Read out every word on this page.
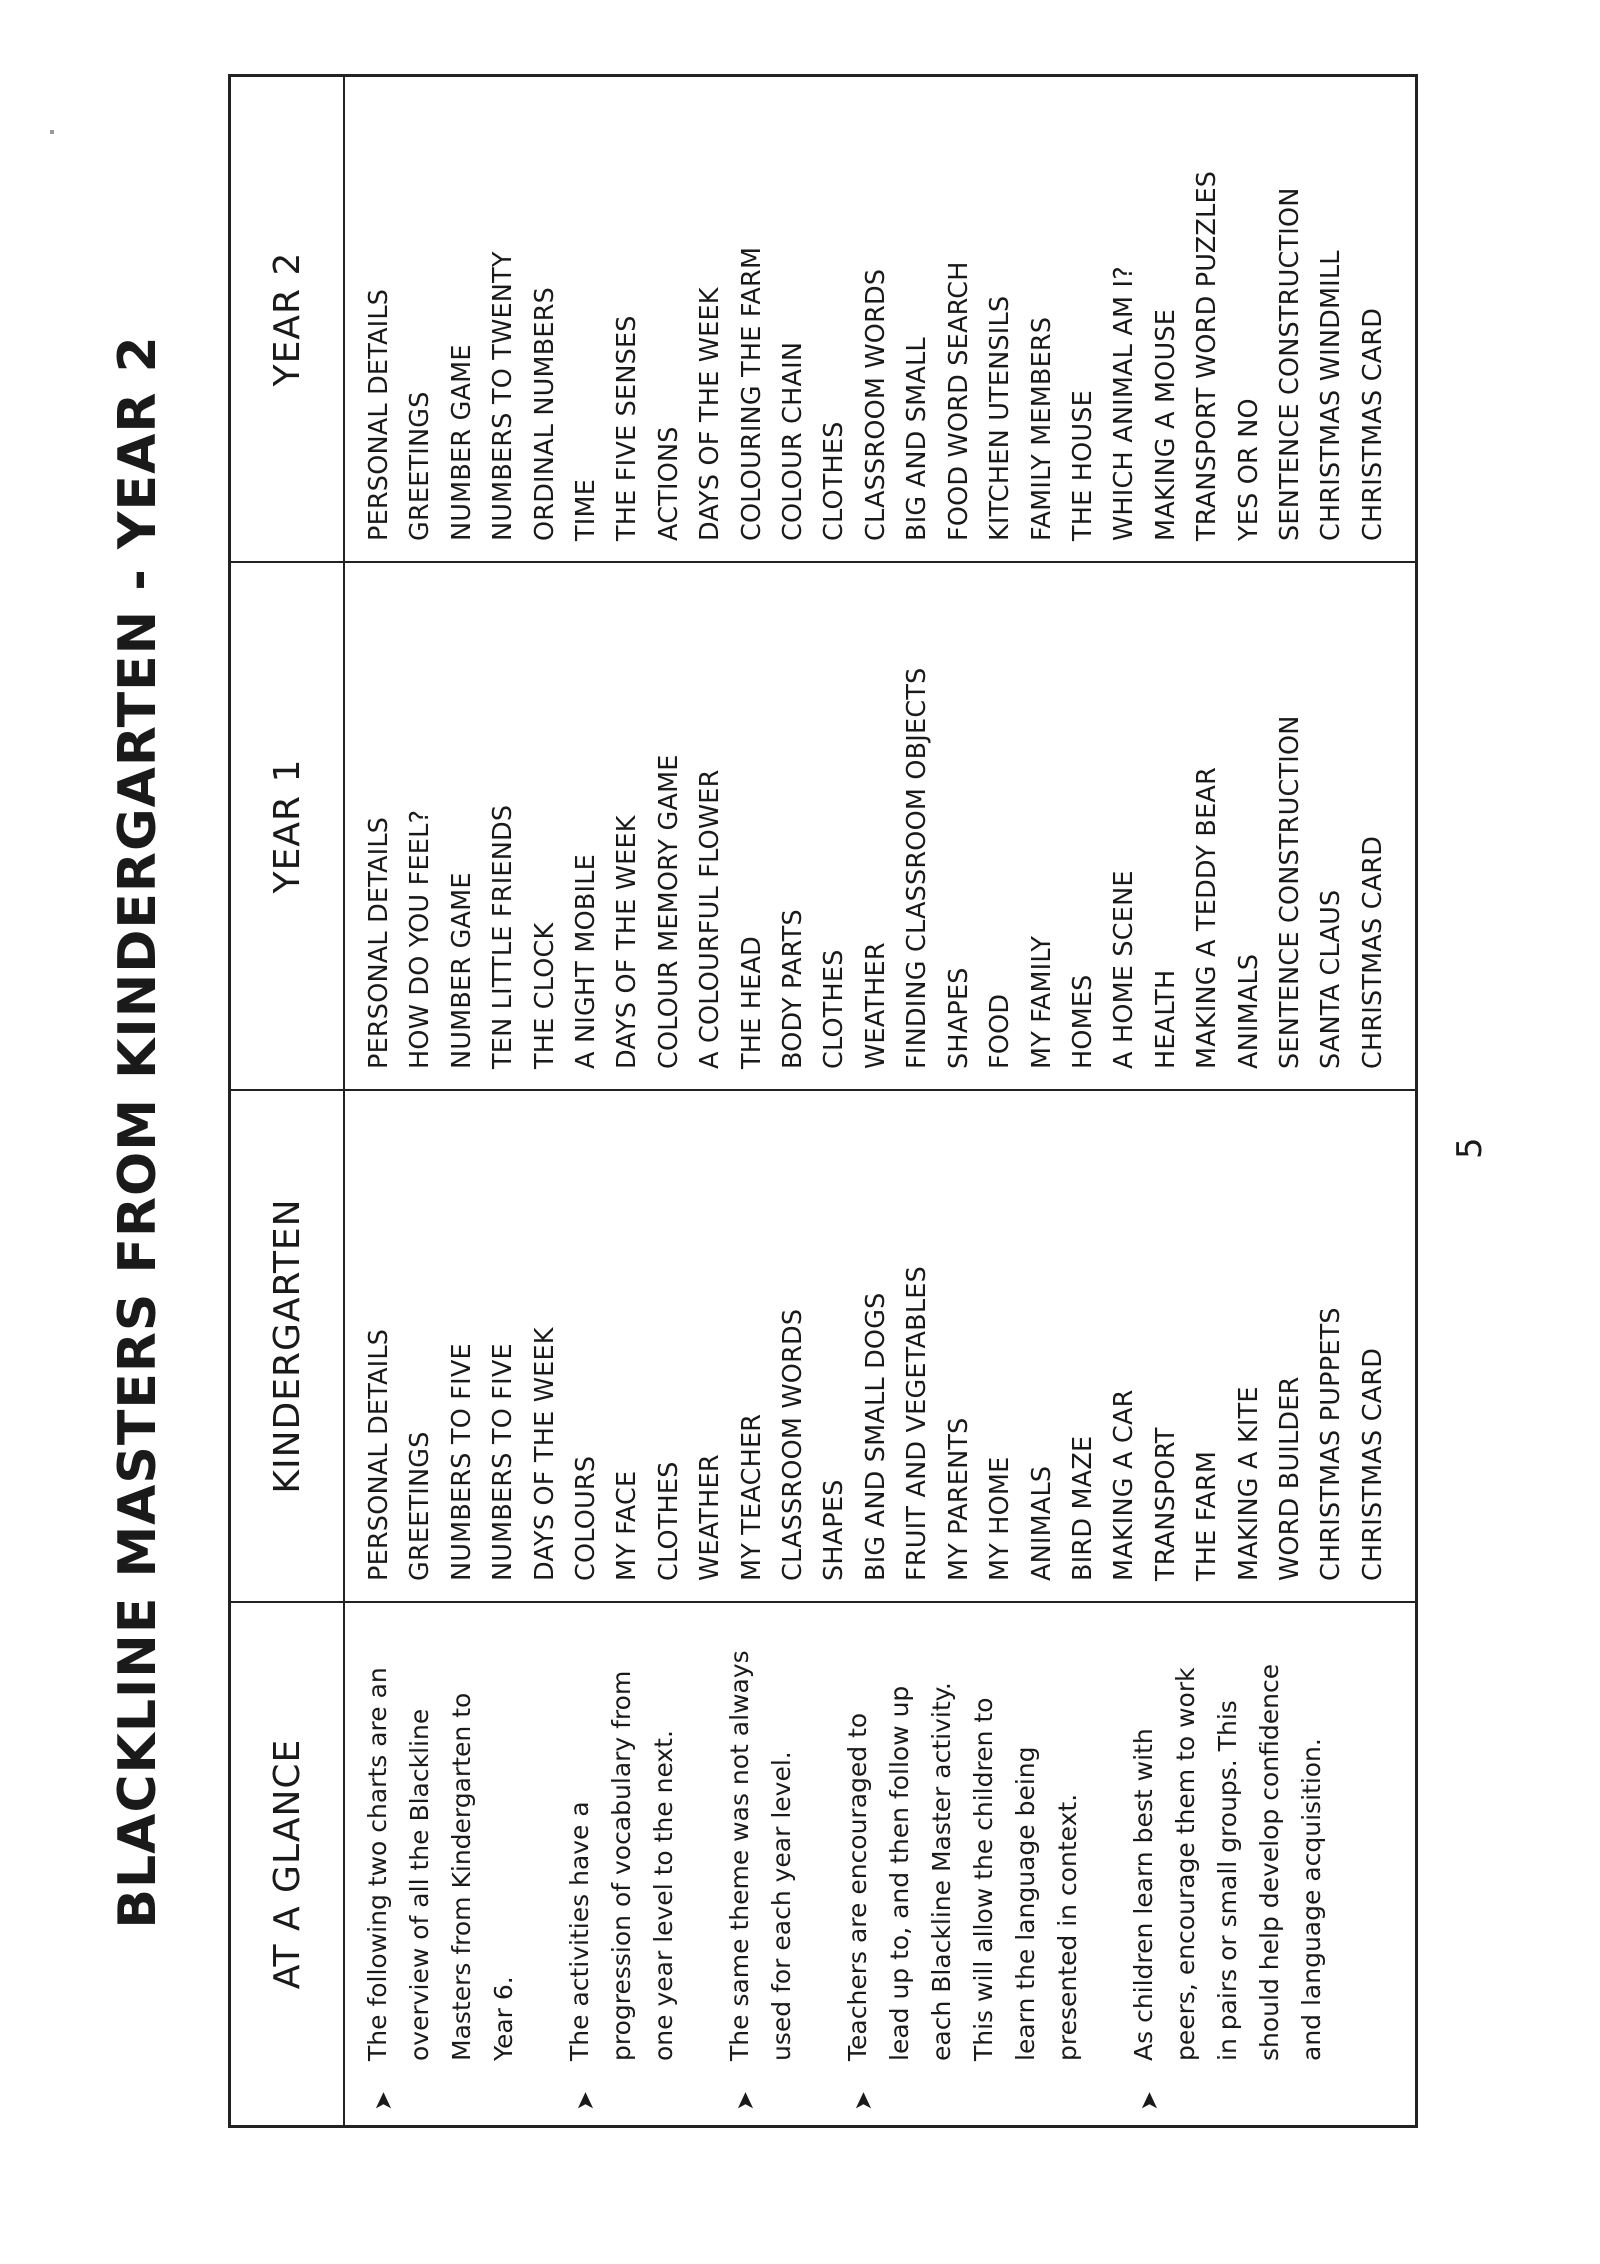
BLACKLINE MASTERS FROM KINDERGARTEN - YEAR 2	AT A GLANCE
KINDERGARTEN
YEAR 1
YEAR 2
➤
The following two charts are an overview of all the Blackline Masters from Kindergarten to Year 6.
➤
The activities have a progression of vocabulary from one year level to the next.
➤
The same theme was not always used for each year level.
➤
Teachers are encouraged to lead up to, and then follow up each Blackline Master activity. This will allow the children to learn the language being presented in context.
➤
As children learn best with peers, encourage them to work in pairs or small groups. This should help develop confidence and language acquisition.
PERSONAL DETAILS GREETINGS NUMBERS TO FIVE NUMBERS TO FIVE DAYS OF THE WEEK COLOURS MY FACE CLOTHES WEATHER MY TEACHER CLASSROOM WORDS SHAPES BIG AND SMALL DOGS FRUIT AND VEGETABLES MY PARENTS MY HOME ANIMALS BIRD MAZE MAKING A CAR TRANSPORT THE FARM MAKING A KITE WORD BUILDER CHRISTMAS PUPPETS CHRISTMAS CARD
PERSONAL DETAILS HOW DO YOU FEEL? NUMBER GAME TEN LITTLE FRIENDS THE CLOCK A NIGHT MOBILE DAYS OF THE WEEK COLOUR MEMORY GAME A COLOURFUL FLOWER THE HEAD BODY PARTS CLOTHES WEATHER FINDING CLASSROOM OBJECTS SHAPES FOOD MY FAMILY HOMES A HOME SCENE HEALTH MAKING A TEDDY BEAR ANIMALS SENTENCE CONSTRUCTION SANTA CLAUS CHRISTMAS CARD
PERSONAL DETAILS GREETINGS NUMBER GAME NUMBERS TO TWENTY ORDINAL NUMBERS TIME THE FIVE SENSES ACTIONS DAYS OF THE WEEK COLOURING THE FARM COLOUR CHAIN CLOTHES CLASSROOM WORDS BIG AND SMALL FOOD WORD SEARCH KITCHEN UTENSILS FAMILY MEMBERS THE HOUSE WHICH ANIMAL AM I? MAKING A MOUSE TRANSPORT WORD PUZZLES YES OR NO SENTENCE CONSTRUCTION CHRISTMAS WINDMILL CHRISTMAS CARD
5
